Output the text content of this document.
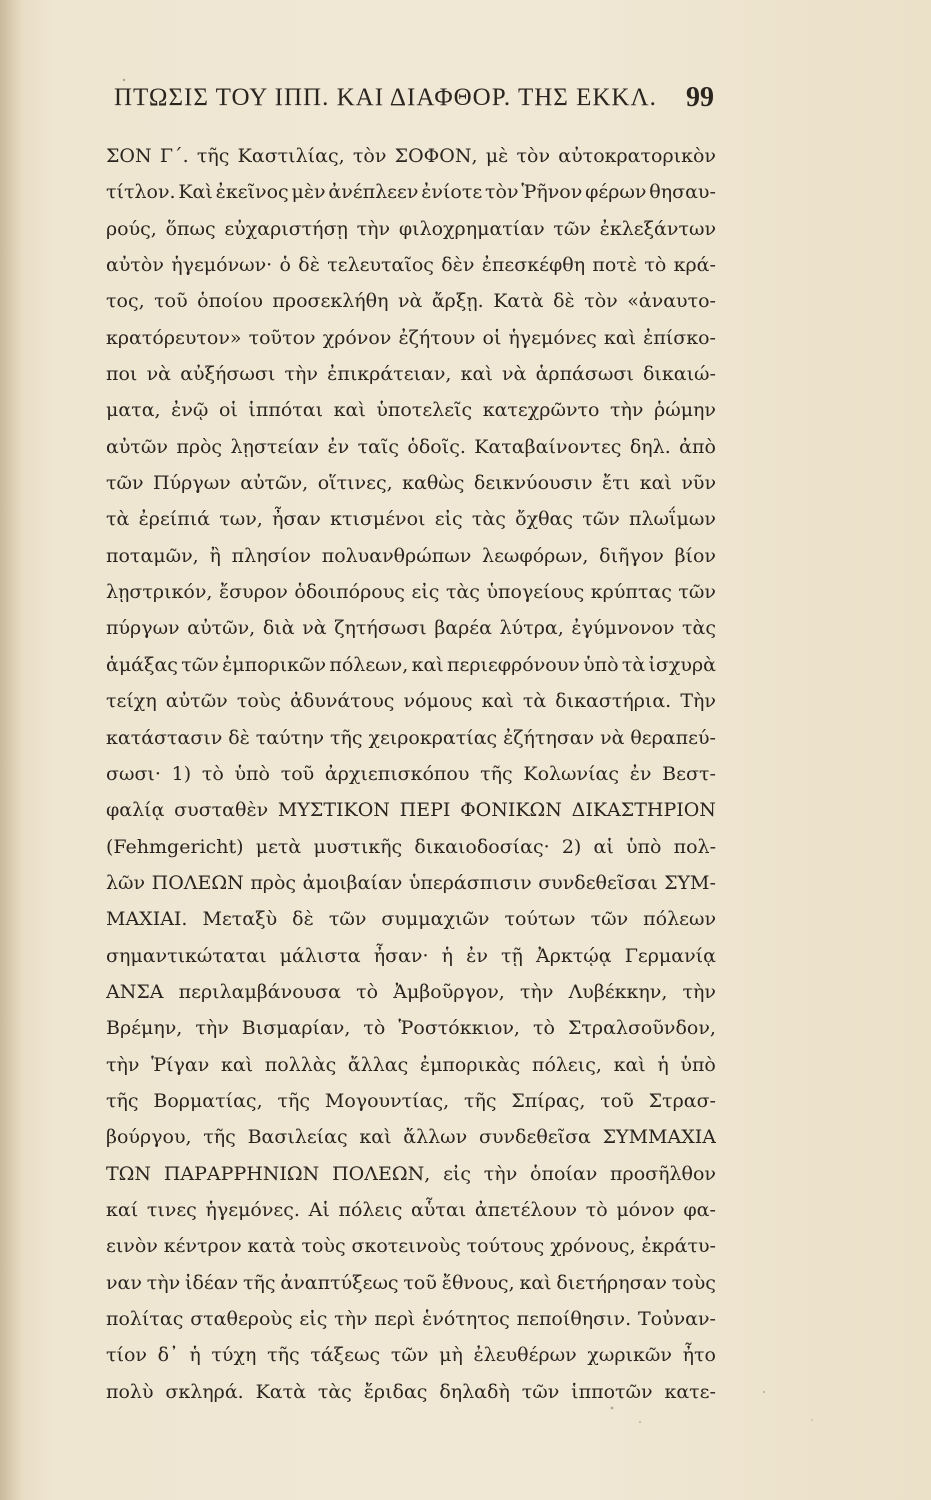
ΠΤΩΣΙΣ ΤΟΥ ΙΠΠ. ΚΑΙ ΔΙΑΦΘΟΡ. ΤΗΣ ΕΚΚΛ. 99
ΣΟΝ Γ΄. τῆς Καστιλίας, τὸν ΣΟΦΟΝ, μὲ τὸν αὐτοκρατορικὸν
τίτλον. Καὶ ἐκεῖνος μὲν ἀνέπλεεν ἐνίοτε τὸν Ῥῆνον φέρων θησαυ-
ρούς, ὅπως εὐχαριστήσῃ τὴν φιλοχρηματίαν τῶν ἐκλεξάντων
αὐτὸν ἡγεμόνων· ὁ δὲ τελευταῖος δὲν ἐπεσκέφθη ποτὲ τὸ κρά-
τος, τοῦ ὁποίου προσεκλήθη νὰ ἄρξῃ. Κατὰ δὲ τὸν «ἀναυτο-
κρατόρευτον» τοῦτον χρόνον ἐζήτουν οἱ ἡγεμόνες καὶ ἐπίσκο-
ποι νὰ αὐξήσωσι τὴν ἐπικράτειαν, καὶ νὰ ἁρπάσωσι δικαιώ-
ματα, ἐνῷ οἱ ἱππόται καὶ ὑποτελεῖς κατεχρῶντο τὴν ῥώμην
αὐτῶν πρὸς λῃστείαν ἐν ταῖς ὁδοῖς. Καταβαίνοντες δηλ. ἀπὸ
τῶν Πύργων αὐτῶν, οἵτινες, καθὼς δεικνύουσιν ἔτι καὶ νῦν
τὰ ἐρείπιά των, ἦσαν κτισμένοι εἰς τὰς ὄχθας τῶν πλωΐμων
ποταμῶν, ἢ πλησίον πολυανθρώπων λεωφόρων, διῆγον βίον
λῃστρικόν, ἔσυρον ὁδοιπόρους εἰς τὰς ὑπογείους κρύπτας τῶν
πύργων αὐτῶν, διὰ νὰ ζητήσωσι βαρέα λύτρα, ἐγύμνονον τὰς
ἁμάξας τῶν ἐμπορικῶν πόλεων, καὶ περιεφρόνουν ὑπὸ τὰ ἰσχυρὰ
τείχη αὐτῶν τοὺς ἀδυνάτους νόμους καὶ τὰ δικαστήρια. Τὴν
κατάστασιν δὲ ταύτην τῆς χειροκρατίας ἐζήτησαν νὰ θεραπεύ-
σωσι· 1) τὸ ὑπὸ τοῦ ἀρχιεπισκόπου τῆς Κολωνίας ἐν Βεστ-
φαλίᾳ συσταθὲν ΜΥΣΤΙΚΟΝ ΠΕΡΙ ΦΟΝΙΚΩΝ ΔΙΚΑΣΤΗΡΙΟΝ
(Fehmgericht) μετὰ μυστικῆς δικαιοδοσίας· 2) αἱ ὑπὸ πολ-
λῶν ΠΟΛΕΩΝ πρὸς ἀμοιβαίαν ὑπεράσπισιν συνδεθεῖσαι ΣΥΜ-
ΜΑΧΙΑΙ. Μεταξὺ δὲ τῶν συμμαχιῶν τούτων τῶν πόλεων
σημαντικώταται μάλιστα ἦσαν· ἡ ἐν τῇ Ἀρκτῴᾳ Γερμανίᾳ
ΑΝΣΑ περιλαμβάνουσα τὸ Ἀμβοῦργον, τὴν Λυβέκκην, τὴν
Βρέμην, τὴν Βισμαρίαν, τὸ Ῥοστόκκιον, τὸ Στραλσοῦνδον,
τὴν Ῥίγαν καὶ πολλὰς ἄλλας ἐμπορικὰς πόλεις, καὶ ἡ ὑπὸ
τῆς Βορματίας, τῆς Μογουντίας, τῆς Σπίρας, τοῦ Στρασ-
βούργου, τῆς Βασιλείας καὶ ἄλλων συνδεθεῖσα ΣΥΜΜΑΧΙΑ
ΤΩΝ ΠΑΡΑΡΡΗΝΙΩΝ ΠΟΛΕΩΝ, εἰς τὴν ὁποίαν προσῆλθον
καί τινες ἡγεμόνες. Αἱ πόλεις αὗται ἀπετέλουν τὸ μόνον φα-
εινὸν κέντρον κατὰ τοὺς σκοτεινοὺς τούτους χρόνους, ἐκράτυ-
ναν τὴν ἰδέαν τῆς ἀναπτύξεως τοῦ ἔθνους, καὶ διετήρησαν τοὺς
πολίτας σταθεροὺς εἰς τὴν περὶ ἑνότητος πεποίθησιν. Τοὐναν-
τίον δ᾽ ἡ τύχη τῆς τάξεως τῶν μὴ ἐλευθέρων χωρικῶν ἦτο
πολὺ σκληρά. Κατὰ τὰς ἔριδας δηλαδὴ τῶν ἱπποτῶν κατε-
